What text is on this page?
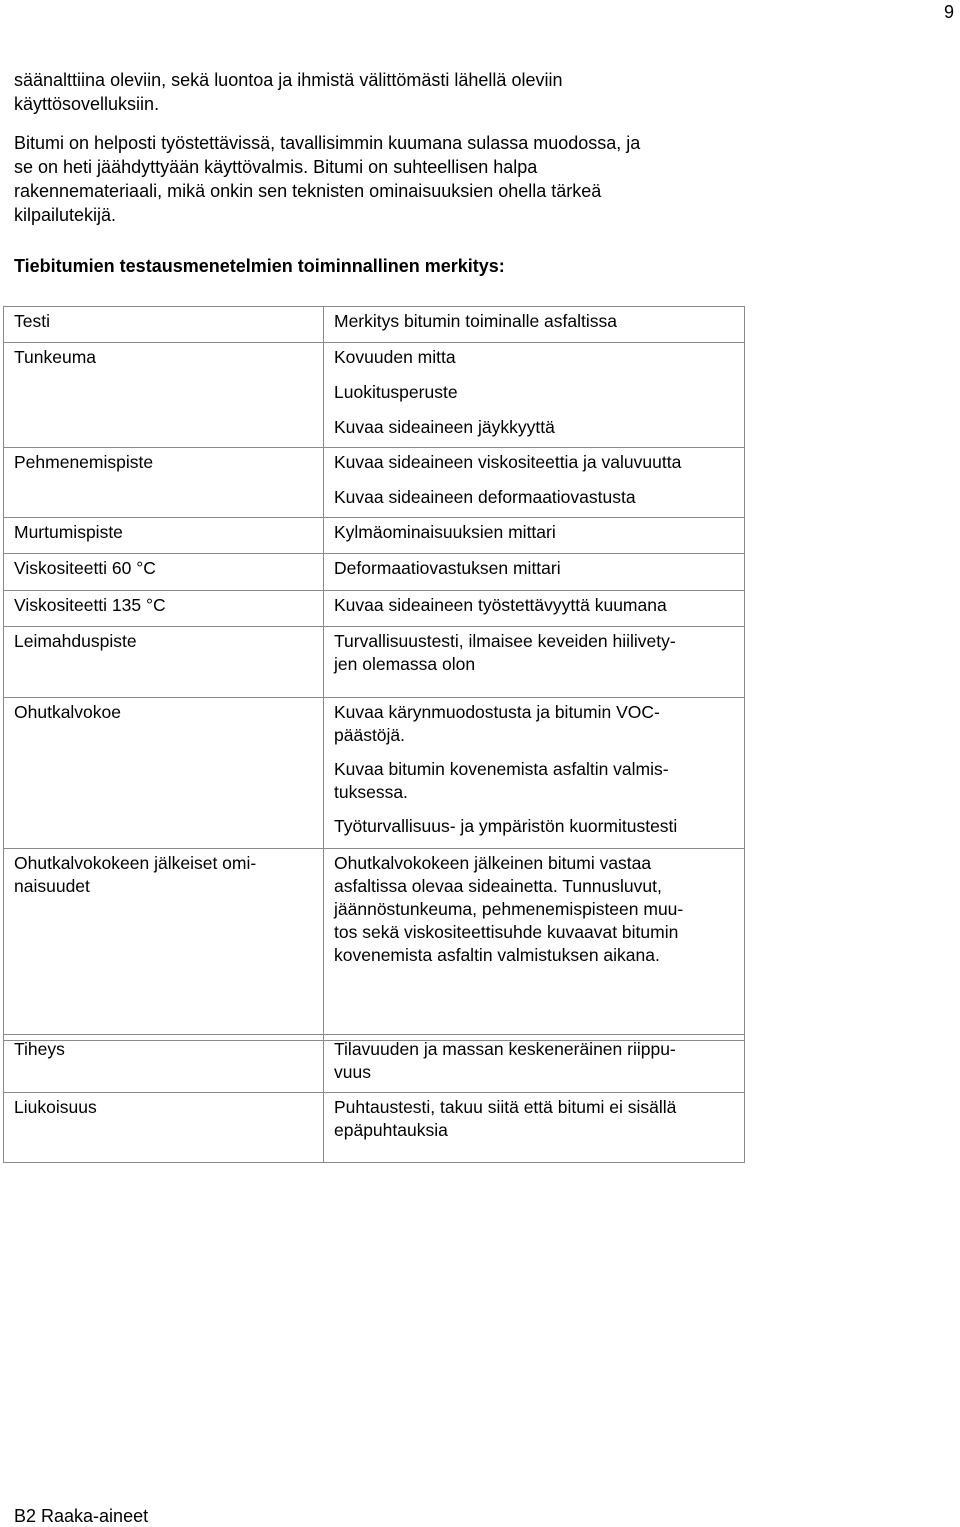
9
säänalttiina oleviin, sekä luontoa ja ihmistä välittömästi lähellä oleviin
käyttösovelluksiin.
Bitumi on helposti työstettävissä, tavallisimmin kuumana sulassa muodossa, ja
se on heti jäähdyttyään käyttövalmis. Bitumi on suhteellisen halpa
rakennemateriaali, mikä onkin sen teknisten ominaisuuksien ohella tärkeä
kilpailutekijä.
Tiebitumien testausmenetelmien toiminnallinen merkitys:
Testi	Merkitys bitumin toiminalle asfaltissa

Tunkeuma	Kovuuden mitta
Luokitusperuste
Kuvaa sideaineen jäykkyyttä

Pehmenemispiste	Kuvaa sideaineen viskositeettia ja valuvuutta
Kuvaa sideaineen deformaatiovastusta

Murtumispiste	Kylmäominaisuuksien mittari

Viskositeetti 60 °C	Deformaatiovastuksen mittari

Viskositeetti 135 °C	Kuvaa sideaineen työstettävyyttä kuumana

Leimahduspiste	Turvallisuustesti, ilmaisee keveiden hiilivety-
jen olemassa olon

Ohutkalvokoe	Kuvaa kärynmuodostusta ja bitumin VOC-
päästöjä.
Kuvaa bitumin kovenemista asfaltin valmis-
tuksessa.
Työturvallisuus- ja ympäristön kuormitustesti

Ohutkalvokokeen jälkeiset omi-
naisuudet	Ohutkalvokokeen jälkeinen bitumi vastaa
asfaltissa olevaa sideainetta. Tunnusluvut,
jäännöstunkeuma, pehmenemispisteen muu-
tos sekä viskositeettisuhde kuvaavat bitumin
kovenemista asfaltin valmistuksen aikana.
Tiheys	Tilavuuden ja massan keskeneräinen riippu-
vuus

Liukoisuus	Puhtaustesti, takuu siitä että bitumi ei sisällä
epäpuhtauksia
B2 Raaka-aineet
